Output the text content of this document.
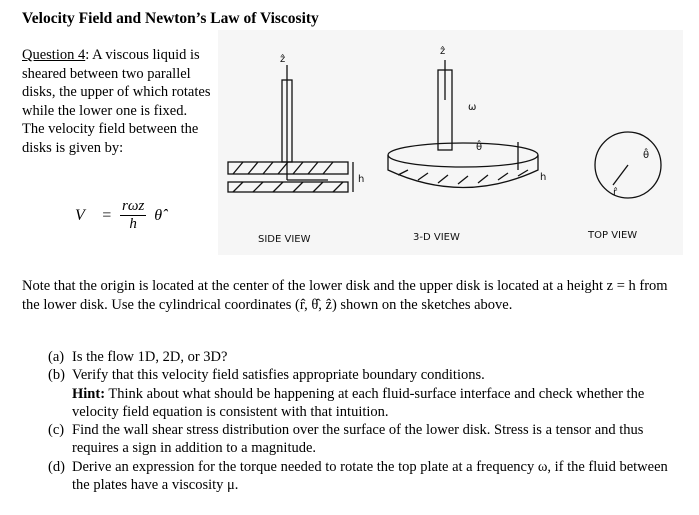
Velocity Field and Newton’s Law of Viscosity
Question 4: A viscous liquid is sheared between two parallel disks, the upper of which rotates while the lower one is fixed. The velocity field between the disks is given by:
V⃗ = $\frac{\text{rωz}}{h}$ θ̂
h
ẑ
ω
θ̂
h
ẑ
θ̂
r̂
SIDE VIEW	3-D VIEW	TOP VIEW
Note that the origin is located at the center of the lower disk and the upper disk is located at a height z = h from the lower disk. Use the cylindrical coordinates (r̂, θ̂, ẑ) shown on the sketches above.
(a) Is the flow 1D, 2D, or 3D?
(b) Verify that this velocity field satisfies appropriate boundary conditions.
Hint: Think about what should be happening at each fluid-surface interface and check whether the velocity field equation is consistent with that intuition.
(c) Find the wall shear stress distribution over the surface of the lower disk. Stress is a tensor and thus requires a sign in addition to a magnitude.
(d) Derive an expression for the torque needed to rotate the top plate at a frequency ω, if the fluid between the plates have a viscosity μ.
